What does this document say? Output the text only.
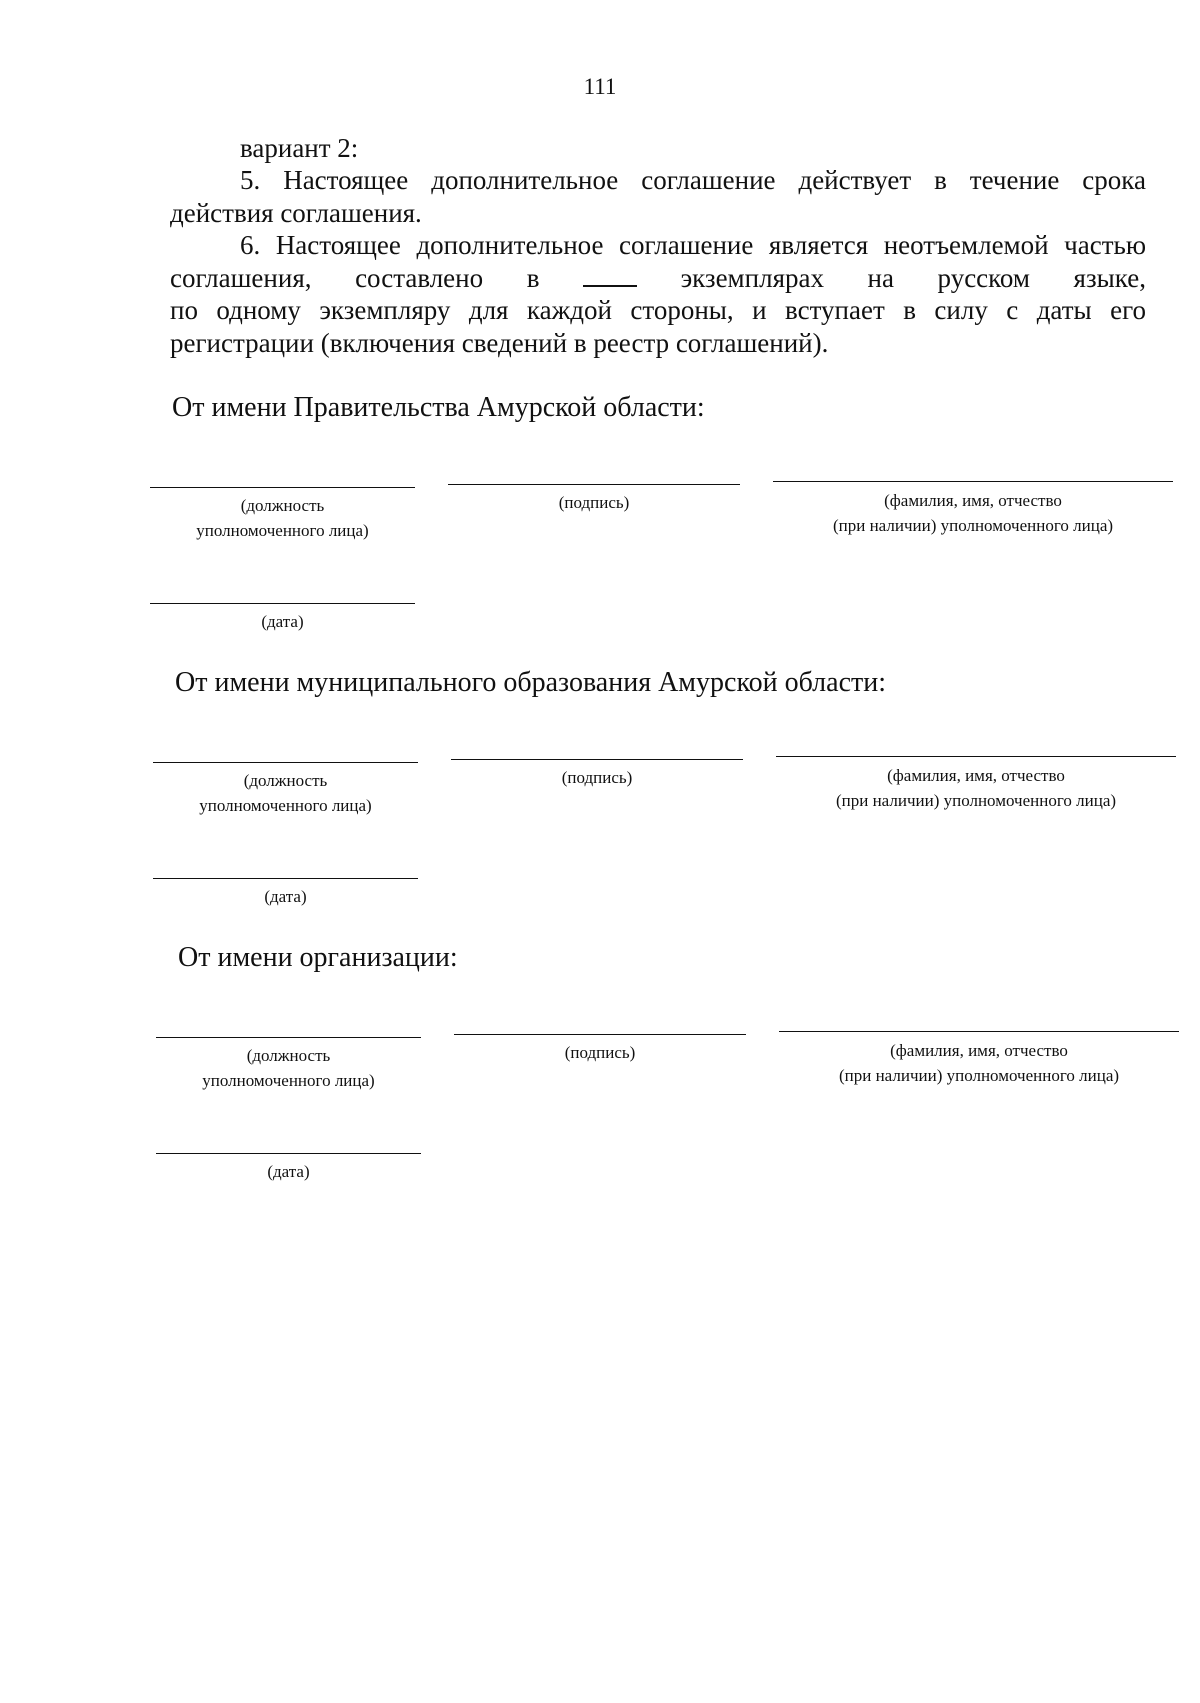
111
вариант 2:
5. Настоящее дополнительное соглашение действует в течение срока
действия соглашения.
6. Настоящее дополнительное соглашение является неотъемлемой частью
соглашения, составлено в	экземплярах на русском языке,
по одному экземпляру для каждой стороны, и вступает в силу с даты его
регистрации (включения сведений в реестр соглашений).
От имени Правительства Амурской области:
(должность
уполномоченного лица)
(подпись)	(фамилия, имя, отчество
(при наличии) уполномоченного лица)
(дата)
От имени муниципального образования Амурской области:
(должность
уполномоченного лица)
(подпись)	(фамилия, имя, отчество
(при наличии) уполномоченного лица)
(дата)
От имени организации:
(должность
уполномоченного лица)
(подпись)	(фамилия, имя, отчество
(при наличии) уполномоченного лица)
(дата)
